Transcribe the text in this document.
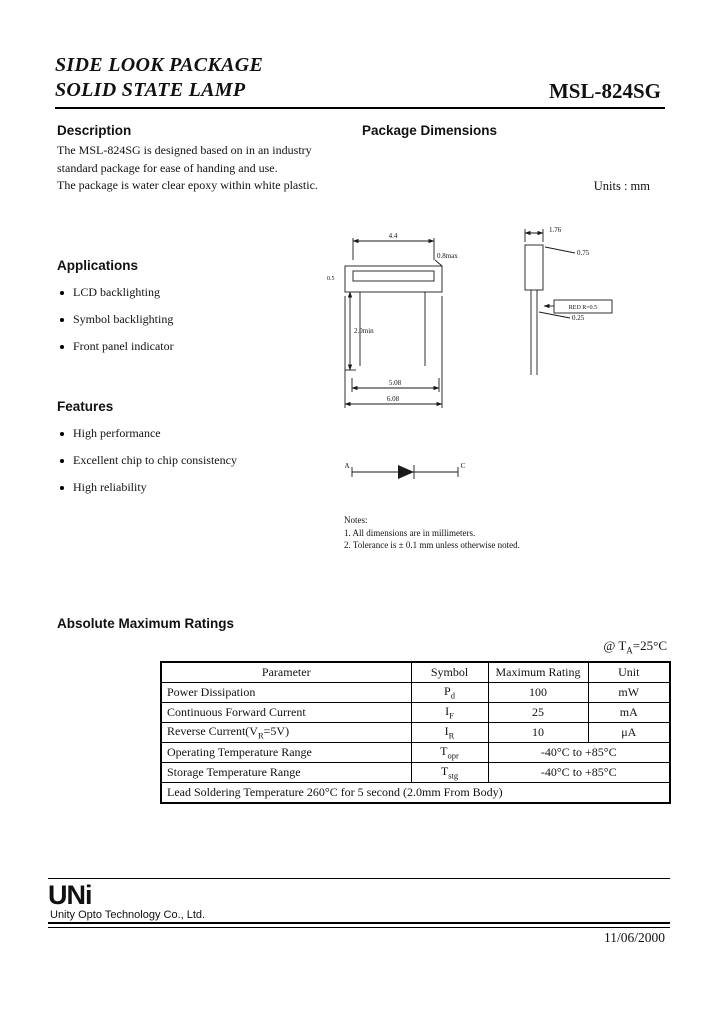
SIDE LOOK PACKAGE
SOLID STATE LAMP	MSL-824SG
Description
The MSL-824SG is designed based on in an industry
standard package for ease of handing and use.
The package is water clear epoxy within white plastic.
Package Dimensions
Units : mm
Applications
LCD backlighting
Symbol backlighting
Front panel indicator
Features
High performance
Excellent chip to chip consistency
High reliability
4.4
0.8max
0.5
2.0min
5.08
6.08
1.76
0.75
RED R=0.5
0.25
A	C
Notes:
1. All dimensions are in millimeters.
2. Tolerance is ± 0.1 mm unless otherwise noted.
Absolute Maximum Ratings
@ $T_A=25^\circ C$
Parameter	Symbol	Maximum Rating	Unit
Power Dissipation	$P_d$	100	mW
Continuous Forward Current	$I_F$	25	mA
Reverse $Current(V_R=5V)$	$I_R$	10	μA
Operating Temperature Range	$T_{opr}$	-40°C to +85°C	
Storage Temperature Range	$T_{stg}$	-40°C to +85°C	
Lead Soldering Temperature 260°C for 5 second (2.0mm From Body)			
UNi
Unity Opto Technology Co., Ltd.
11/06/2000
